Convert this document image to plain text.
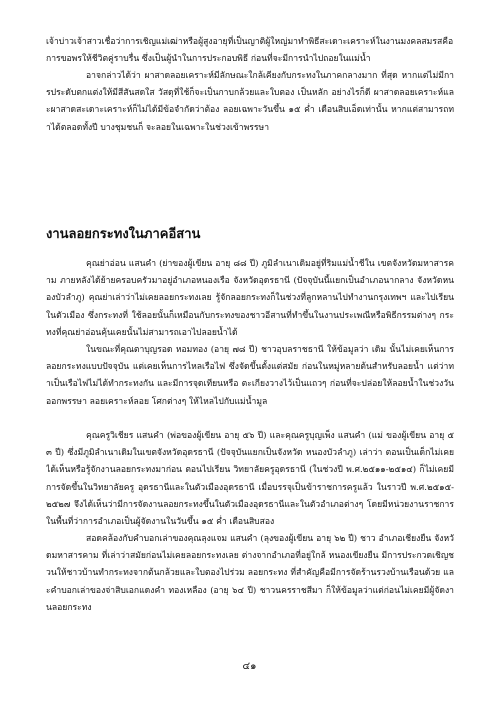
เจ้าบ่าวเจ้าสาวเชื่อว่าการเชิญแม่เฒ่าหรือผู้สูงอายุที่เป็นญาติผู้ใหญ่มาทำพิธีสะเดาะเคราะห์ในงานมงคลสมรสคือการขอพรให้ชีวิตคู่ราบรื่น ซึ่งเป็นผู้นำในการประกอบพิธี ก่อนที่จะมีการนำไปถอยในแม่น้ำ

อาจกล่าวได้ว่า ผาสาดลอยเคราะห์มีลักษณะใกล้เคียงกับกระทงในภาคกลางมาก ที่สุด หากแต่ไม่มีการประดับตกแต่งให้มีสีสันสดใส วัสดุที่ใช้ก็จะเป็นกาบกล้วยและใบตอง เป็นหลัก อย่างไรก็ดี ผาสาดลอยเคราะห์และผาสาดสะเดาะเคราะห์ก็ไม่ได้มีข้อจำกัดว่าต้อง ลอยเฉพาะวันขึ้น ๑๕ ค่ำ เดือนสิบเอ็ดเท่านั้น หากแต่สามารถทำได้ตลอดทั้งปี บางชุมชนก็ จะลอยในเฉพาะในช่วงเข้าพรรษา

งานลอยกระทงในภาคอีสาน

คุณย่าอ่อน แสนคำ (ย่าของผู้เขียน อายุ ๘๘ ปี) ภูมิลำเนาเดิมอยู่ที่ริมแม่น้ำชีใน เขตจังหวัดมหาสารคาม ภายหลังได้ย้ายครอบครัวมาอยู่อำเภอหนองเรือ จังหวัดอุดรธานี (ปัจจุบันนี้แยกเป็นอำเภอนากลาง จังหวัดหนองบัวลำภู) คุณย่าเล่าว่าไม่เคยลอยกระทงเลย รู้จักลอยกระทงก็ในช่วงที่ลูกหลานไปทำงานกรุงเทพฯ และไปเรียนในตัวเมือง ซึ่งกระทงที่ ใช้ลอยนั้นก็เหมือนกับกระทงของชาวอีสานที่ทำขึ้นในงานประเพณีหรือพิธีกรรมต่างๆ กระทงที่คุณย่าอ่อนคุ้นเคยนั้นไม่สามารถเอาไปลอยน้ำได้

ในขณะที่คุณตาบุญรอด หอมทอง (อายุ ๗๘ ปี) ชาวอุบลราชธานี ให้ข้อมูลว่า เดิม นั้นไม่เคยเห็นการลอยกระทงแบบปัจจุบัน แต่เคยเห็นการไหลเรือไฟ ซึ่งจัดขึ้นตั้งแต่สมัย ก่อนในหมู่หลายต้นสำหรับลอยน้ำ แต่ว่าทำเป็นเรือไฟไม่ได้ทำกระทงกัน และมีการจุดเทียนหรือ ตะเกียงวางไว้เป็นแถวๆ ก่อนที่จะปล่อยให้ลอยน้ำในช่วงวันออกพรรษา ลอยเคราะห์ลอย โศกต่างๆ ให้ไหลไปกับแม่น้ำมูล

คุณครูวิเชียร แสนคำ (พ่อของผู้เขียน อายุ ๕๖ ปี) และคุณครูบุญเพ็ง แสนคำ (แม่ ของผู้เขียน อายุ ๕๓ ปี) ซึ่งมีภูมิลำเนาเดิมในเขตจังหวัดอุดรธานี (ปัจจุบันแยกเป็นจังหวัด หนองบัวลำภู) เล่าว่า ตอนเป็นเด็กไม่เคยได้เห็นหรือรู้จักงานลอยกระทงมาก่อน ตอนไปเรียน วิทยาลัยครูอุดรธานี (ในช่วงปี พ.ศ.๒๕๑๑-๒๕๑๔) ก็ไม่เคยมีการจัดขึ้นในวิทยาลัยครู อุดรธานีและในตัวเมืองอุดรธานี เมื่อบรรจุเป็นข้าราชการครูแล้ว ในราวปี พ.ศ.๒๕๑๕- ๒๕๒๗ จึงได้เห็นว่ามีการจัดงานลอยกระทงขึ้นในตัวเมืองอุดรธานีและในตัวอำเภอต่างๆ โดยมีหน่วยงานราชการในพื้นที่ว่าการอำเภอเป็นผู้จัดงานในวันขึ้น ๑๕ ค่ำ เดือนสิบสอง

สอดคล้องกับคำบอกเล่าของคุณลุงแจม แสนคำ (ลุงของผู้เขียน อายุ ๖๒ ปี) ชาว อำเภอเชียงยืน จังหวัดมหาสารคาม ที่เล่าว่าสมัยก่อนไม่เคยลอยกระทงเลย ต่างจากอำเภอที่อยู่ใกล้ หนองเขียงยืน มีการประกวดเชิญชวนให้ชาวบ้านทำกระทงจากต้นกล้วยและใบตองไปร่วม ลอยกระทง ที่สำคัญคือมีการจัดร้านรวงบ้านเรือนด้วย และคำบอกเล่าของจ่าสิบเอกแดงคำ ทองเหลือง (อายุ ๖๔ ปี) ชาวนครราชสีมา ก็ให้ข้อมูลว่าแต่ก่อนไม่เคยมีผู้จัดงานลอยกระทง

๔๑
